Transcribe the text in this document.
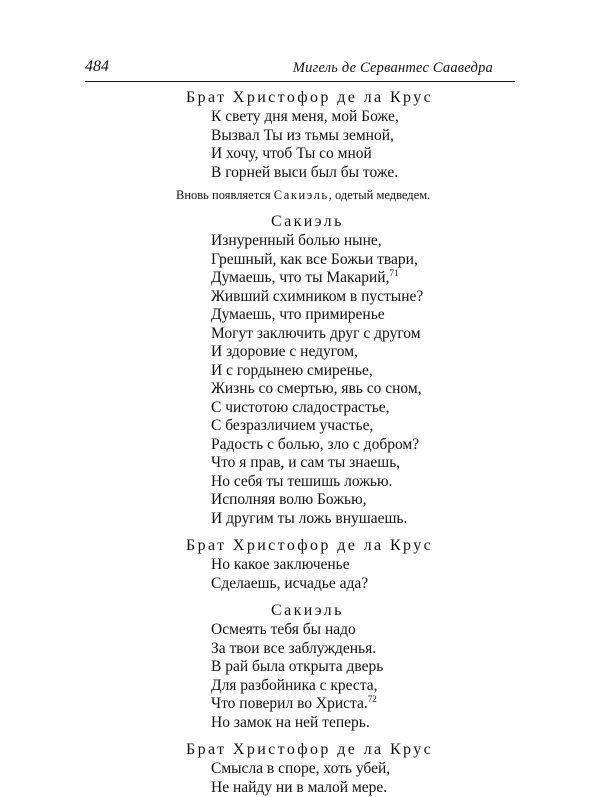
484	Мигель де Сервантес Сааведра
Брат Христофор де ла Крус
К свету дня меня, мой Боже,
Вызвал Ты из тьмы земной,
И хочу, чтоб Ты со мной
В горней выси был бы тоже.
Вновь появляется Сакиэль, одетый медведем.
Сакиэль
Изнуренный болью ныне,
Грешный, как все Божьи твари,
Думаешь, что ты Макарий,$^{71}$
Живший схимником в пустыне?
Думаешь, что примиренье
Могут заключить друг с другом
И здоровие с недугом,
И с гордынею смиренье,
Жизнь со смертью, явь со сном,
С чистотою сладострастье,
С безразличием участье,
Радость с болью, зло с добром?
Что я прав, и сам ты знаешь,
Но себя ты тешишь ложью.
Исполняя волю Божью,
И другим ты ложь внушаешь.
Брат Христофор де ла Крус
Но какое заключенье
Сделаешь, исчадье ада?
Сакиэль
Осмеять тебя бы надо
За твои все заблужденья.
В рай была открыта дверь
Для разбойника с креста,
Что поверил во Христа.$^{72}$
Но замок на ней теперь.
Брат Христофор де ла Крус
Смысла в споре, хоть убей,
Не найду ни в малой мере.
